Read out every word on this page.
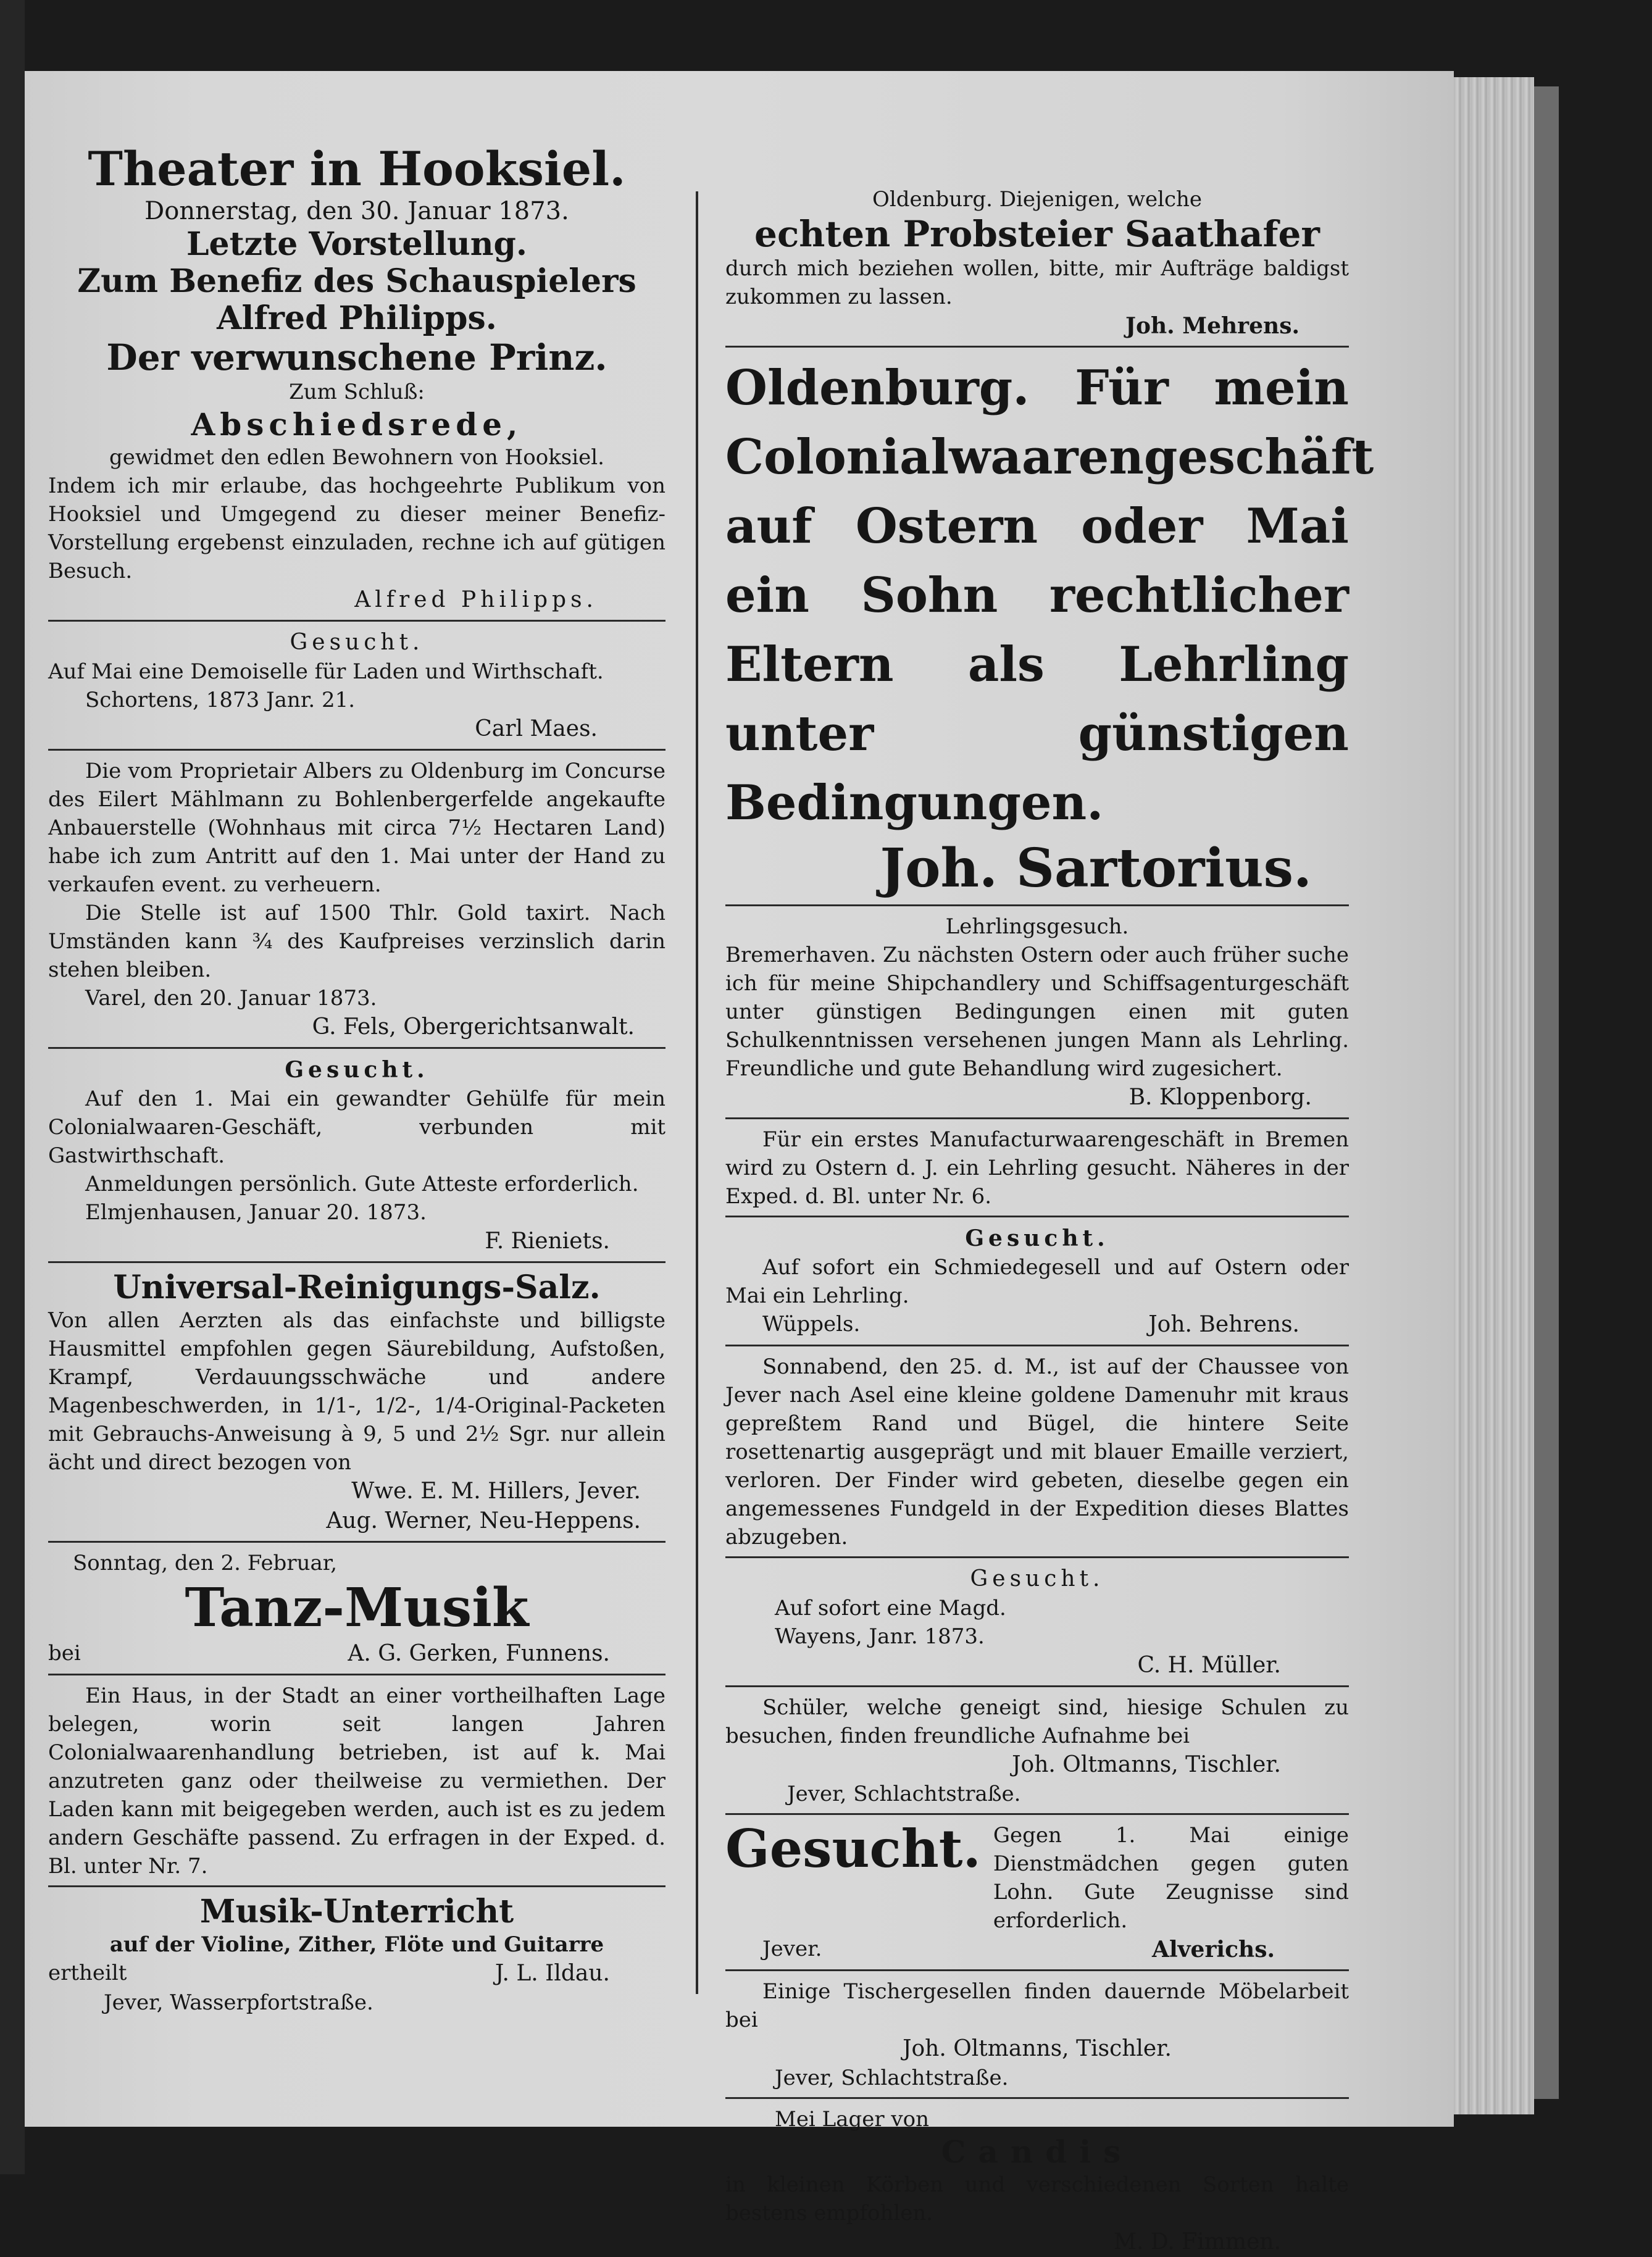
Theater in Hooksiel.

Donnerstag, den 30. Januar 1873.

Letzte Vorstellung.

Zum Benefiz des Schauspielers

Alfred Philipps.

Der verwunschene Prinz.

Zum Schluß:

Abschiedsrede,

gewidmet den edlen Bewohnern von Hooksiel.

Indem ich mir erlaube, das hochgeehrte Publikum von Hooksiel und Umgegend zu dieser meiner Benefiz-Vorstellung ergebenst einzuladen, rechne ich auf gütigen Besuch.

Alfred Philipps.

Gesucht.

Auf Mai eine Demoiselle für Laden und Wirthschaft.

Schortens, 1873 Janr. 21.

Carl Maes.

Die vom Proprietair Albers zu Oldenburg im Concurse des Eilert Mählmann zu Bohlenbergerfelde angekaufte Anbauerstelle (Wohnhaus mit circa 7½ Hectaren Land) habe ich zum Antritt auf den 1. Mai unter der Hand zu verkaufen event. zu verheuern.

Die Stelle ist auf 1500 Thlr. Gold taxirt. Nach Umständen kann ¾ des Kaufpreises verzinslich darin stehen bleiben.

Varel, den 20. Januar 1873.

G. Fels, Obergerichtsanwalt.

Gesucht.

Auf den 1. Mai ein gewandter Gehülfe für mein Colonialwaaren-Geschäft, verbunden mit Gastwirthschaft.

Anmeldungen persönlich. Gute Atteste erforderlich.

Elmjenhausen, Januar 20. 1873.

F. Rieniets.

Universal-Reinigungs-Salz.

Von allen Aerzten als das einfachste und billigste Hausmittel empfohlen gegen Säurebildung, Aufstoßen, Krampf, Verdauungsschwäche und andere Magenbeschwerden, in 1/1-, 1/2-, 1/4-Original-Packeten mit Gebrauchs-Anweisung à 9, 5 und 2½ Sgr. nur allein ächt und direct bezogen von

Wwe. E. M. Hillers, Jever.

Aug. Werner, Neu-Heppens.

Sonntag, den 2. Februar,

Tanz-Musik

bei	A. G. Gerken, Funnens.

Ein Haus, in der Stadt an einer vortheilhaften Lage belegen, worin seit langen Jahren Colonialwaarenhandlung betrieben, ist auf k. Mai anzutreten ganz oder theilweise zu vermiethen. Der Laden kann mit beigegeben werden, auch ist es zu jedem andern Geschäfte passend. Zu erfragen in der Exped. d. Bl. unter Nr. 7.

Musik-Unterricht

auf der Violine, Zither, Flöte und Guitarre

ertheilt	J. L. Ildau.

Jever, Wasserpfortstraße.

Oldenburg. Diejenigen, welche

echten Probsteier Saathafer

durch mich beziehen wollen, bitte, mir Aufträge baldigst zukommen zu lassen.

Joh. Mehrens.

Oldenburg. Für mein Colonialwaarengeschäft auf Ostern oder Mai ein Sohn rechtlicher Eltern als Lehrling unter günstigen Bedingungen.

Joh. Sartorius.

Lehrlingsgesuch.

Bremerhaven. Zu nächsten Ostern oder auch früher suche ich für meine Shipchandlery und Schiffsagenturgeschäft unter günstigen Bedingungen einen mit guten Schulkenntnissen versehenen jungen Mann als Lehrling. Freundliche und gute Behandlung wird zugesichert.

B. Kloppenborg.

Für ein erstes Manufacturwaarengeschäft in Bremen wird zu Ostern d. J. ein Lehrling gesucht. Näheres in der Exped. d. Bl. unter Nr. 6.

Gesucht.

Auf sofort ein Schmiedegesell und auf Ostern oder Mai ein Lehrling.

Wüppels.	Joh. Behrens.

Sonnabend, den 25. d. M., ist auf der Chaussee von Jever nach Asel eine kleine goldene Damenuhr mit kraus gepreßtem Rand und Bügel, die hintere Seite rosettenartig ausgeprägt und mit blauer Emaille verziert, verloren. Der Finder wird gebeten, dieselbe gegen ein angemessenes Fundgeld in der Expedition dieses Blattes abzugeben.

Gesucht.

Auf sofort eine Magd.

Wayens, Janr. 1873.

C. H. Müller.

Schüler, welche geneigt sind, hiesige Schulen zu besuchen, finden freundliche Aufnahme bei

Joh. Oltmanns, Tischler.

Jever, Schlachtstraße.

Gesucht. Gegen 1. Mai einige Dienstmädchen gegen guten Lohn. Gute Zeugnisse sind erforderlich.

Jever.	Alverichs.

Einige Tischergesellen finden dauernde Möbelarbeit bei

Joh. Oltmanns, Tischler.

Jever, Schlachtstraße.

Mei Lager von

Candis

in kleinen Körben und verschiedenen Sorten halte bestens empfohlen.

M. D. Fimmen.
